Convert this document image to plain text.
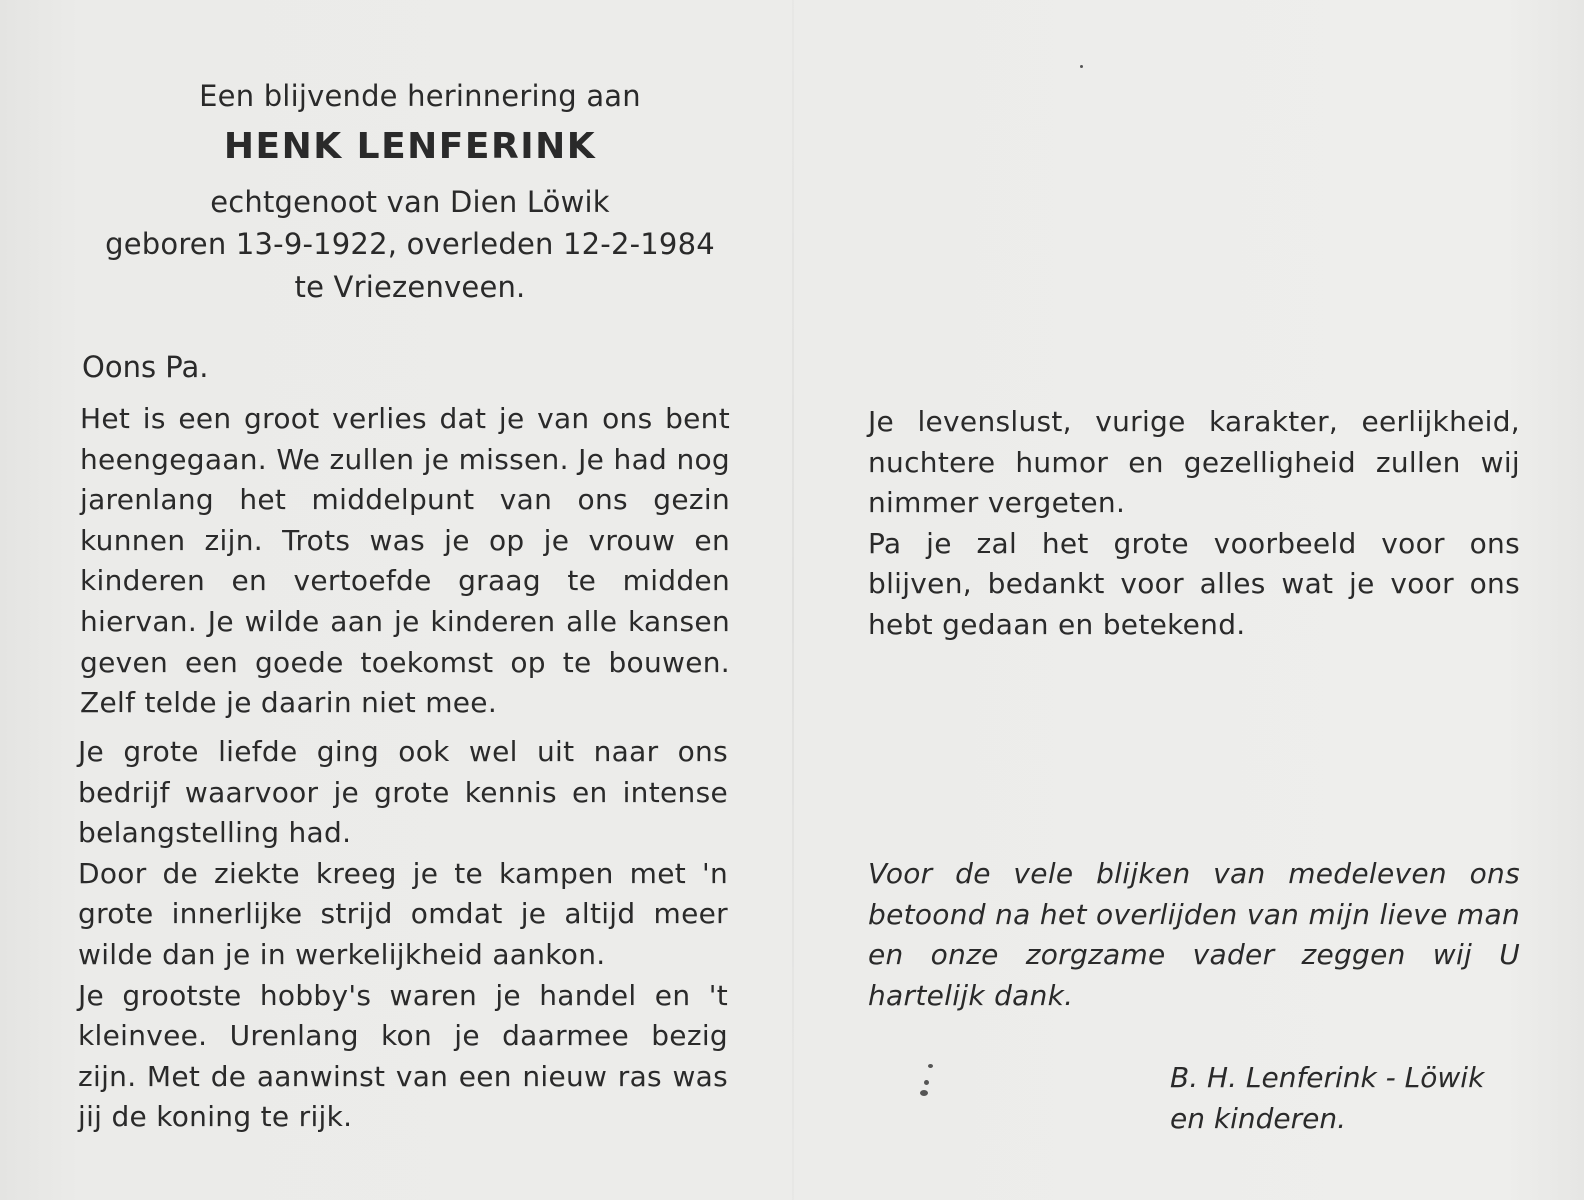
Een blijvende herinnering aan
HENK LENFERINK
echtgenoot van Dien Löwik
geboren 13-9-1922, overleden 12-2-1984
te Vriezenveen.
Oons Pa.
Het is een groot verlies dat je van ons bent heengegaan. We zullen je missen. Je had nog jarenlang het middelpunt van ons gezin kunnen zijn. Trots was je op je vrouw en kinderen en vertoefde graag te midden hiervan. Je wilde aan je kinderen alle kansen geven een goede toekomst op te bouwen. Zelf telde je daarin niet mee.
Je grote liefde ging ook wel uit naar ons bedrijf waarvoor je grote kennis en intense belangstelling had.
Door de ziekte kreeg je te kampen met 'n grote innerlijke strijd omdat je altijd meer wilde dan je in werkelijkheid aankon.
Je grootste hobby's waren je handel en 't kleinvee. Urenlang kon je daarmee bezig zijn. Met de aanwinst van een nieuw ras was jij de koning te rijk.
Je levenslust, vurige karakter, eerlijkheid, nuchtere humor en gezelligheid zullen wij nimmer vergeten.
Pa je zal het grote voorbeeld voor ons blijven, bedankt voor alles wat je voor ons hebt gedaan en betekend.
Voor de vele blijken van medeleven ons betoond na het overlijden van mijn lieve man en onze zorgzame vader zeggen wij U hartelijk dank.
B. H. Lenferink - Löwik
en kinderen.
